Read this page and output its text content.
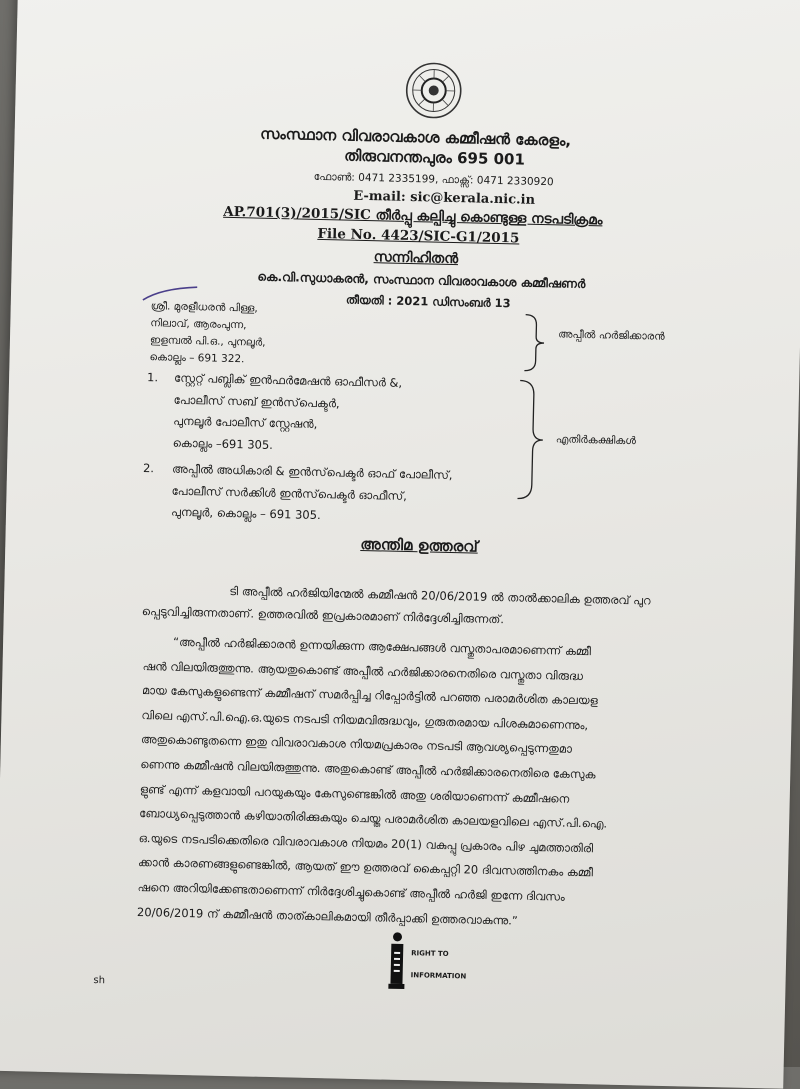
സംസ്ഥാന വിവരാവകാശ കമ്മീഷൻ കേരളം,
തിരുവനന്തപുരം 695 001
ഫോൺ: 0471 2335199, ഫാക്സ്: 0471 2330920
E-mail: sic@kerala.nic.in
AP.701(3)/2015/SIC തീർപ്പു കല്പിച്ചു കൊണ്ടുള്ള നടപടിക്രമം
File No. 4423/SIC-G1/2015
സന്നിഹിതൻ
കെ.വി.സുധാകരൻ, സംസ്ഥാന വിവരാവകാശ കമ്മീഷണർ
തീയതി : 2021 ഡിസംബർ 13
ശ്രീ. മുരളീധരൻ പിള്ള,
നിലാവ്, ആരംപുന്ന,
ഇളമ്പൽ പി.ഒ., പുനലൂർ,
കൊല്ലം – 691 322.
അപ്പീൽ ഹർജിക്കാരൻ
1. സ്റ്റേറ്റ് പബ്ലിക് ഇൻഫർമേഷൻ ഓഫീസർ &,
പോലീസ് സബ് ഇൻസ്‌പെക്ടർ,
പുനലൂർ പോലീസ് സ്റ്റേഷൻ,
കൊല്ലം –691 305.
2. അപ്പീൽ അധികാരി & ഇൻസ്‌പെക്ടർ ഓഫ് പോലീസ്,
പോലീസ് സർക്കിൾ ഇൻസ്‌പെക്ടർ ഓഫീസ്,
പുനലൂർ, കൊല്ലം – 691 305.
എതിർകക്ഷികൾ
അന്തിമ ഉത്തരവ്
ടി അപ്പീൽ ഹർജിയിന്മേൽ കമ്മീഷൻ 20/06/2019 ൽ താൽക്കാലിക ഉത്തരവ് പുറ
പ്പെടുവിച്ചിരുന്നതാണ്. ഉത്തരവിൽ ഇപ്രകാരമാണ് നിർദ്ദേശിച്ചിരുന്നത്.
“അപ്പീൽ ഹർജിക്കാരൻ ഉന്നയിക്കുന്ന ആക്ഷേപങ്ങൾ വസ്തുതാപരമാണെന്ന് കമ്മീ
ഷൻ വിലയിരുത്തുന്നു. ആയതുകൊണ്ട് അപ്പീൽ ഹർജിക്കാരനെതിരെ വസ്തുതാ വിരുദ്ധ
മായ കേസുകളുണ്ടെന്ന് കമ്മീഷന് സമർപ്പിച്ച റിപ്പോർട്ടിൽ പറഞ്ഞ പരാമർശിത കാലയള
വിലെ എസ്.പി.ഐ.ഒ.യുടെ നടപടി നിയമവിരുദ്ധവും, ഗുരുതരമായ പിശകുമാണെന്നും,
അതുകൊണ്ടുതന്നെ ഇതു വിവരാവകാശ നിയമപ്രകാരം നടപടി ആവശ്യപ്പെടുന്നതുമാ
ണെന്നു കമ്മീഷൻ വിലയിരുത്തുന്നു. അതുകൊണ്ട് അപ്പീൽ ഹർജിക്കാരനെതിരെ കേസുക
ളുണ്ട് എന്ന് കളവായി പറയുകയും കേസുണ്ടെങ്കിൽ അതു ശരിയാണെന്ന് കമ്മീഷനെ
ബോധ്യപ്പെടുത്താൻ കഴിയാതിരിക്കുകയും ചെയ്ത പരാമർശിത കാലയളവിലെ എസ്.പി.ഐ.
ഒ.യുടെ നടപടിക്കെതിരെ വിവരാവകാശ നിയമം 20(1) വകുപ്പു പ്രകാരം പിഴ ചുമത്താതിരി
ക്കാൻ കാരണങ്ങളുണ്ടെങ്കിൽ, ആയത് ഈ ഉത്തരവ് കൈപ്പറ്റി 20 ദിവസത്തിനകം കമ്മീ
ഷനെ അറിയിക്കേണ്ടതാണെന്ന് നിർദ്ദേശിച്ചുകൊണ്ട് അപ്പീൽ ഹർജി ഇന്നേ ദിവസം
20/06/2019 ന് കമ്മീഷൻ താത്കാലികമായി തീർപ്പാക്കി ഉത്തരവാകുന്നു.”
RIGHT TO
INFORMATION
sh
